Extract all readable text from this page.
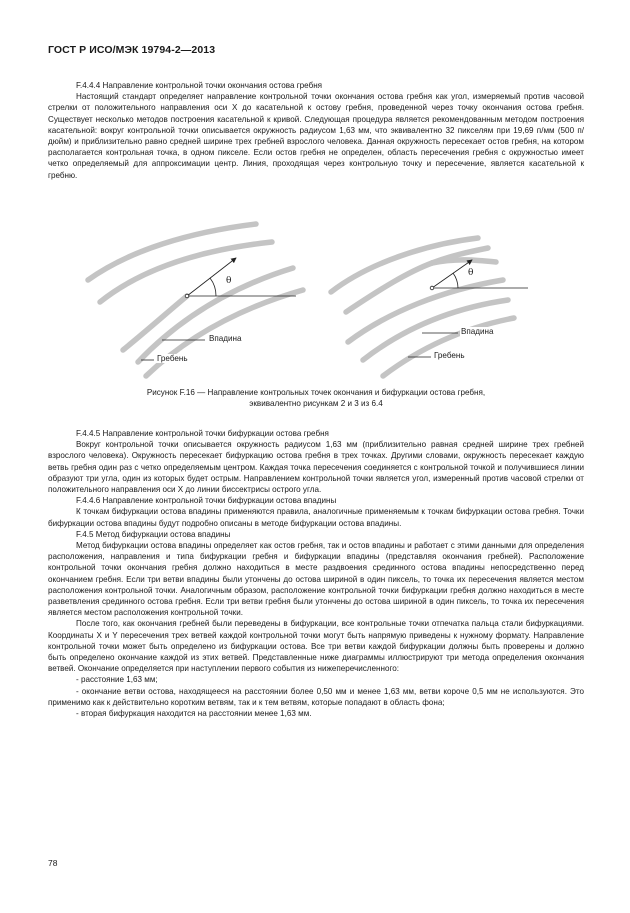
ГОСТ Р ИСО/МЭК 19794-2—2013

F.4.4.4 Направление контрольной точки окончания остова гребня

Настоящий стандарт определяет направление контрольной точки окончания остова гребня как угол, измеряемый против часовой стрелки от положительного направления оси X до касательной к остову гребня, проведенной через точку окончания остова гребня. Существует несколько методов построения касательной к кривой. Следующая процедура является рекомендованным методом построения касательной: вокруг контрольной точки описывается окружность радиусом 1,63 мм, что эквивалентно 32 пикселям при 19,69 п/мм (500 п/дюйм) и приблизительно равно средней ширине трех гребней взрослого человека. Данная окружность пересекает остов гребня, на котором располагается контрольная точка, в одном пикселе. Если остов гребня не определен, область пересечения гребня с окружностью имеет четко определяемый для аппроксимации центр. Линия, проходящая через контрольную точку и пересечение, является касательной к гребню.

θ
θ
Впадина
Гребень
Впадина
Гребень
Рисунок F.16 — Направление контрольных точек окончания и бифуркации остова гребня,
эквивалентно рисункам 2 и 3 из 6.4

F.4.4.5 Направление контрольной точки бифуркации остова гребня

Вокруг контрольной точки описывается окружность радиусом 1,63 мм (приблизительно равная средней ширине трех гребней взрослого человека). Окружность пересекает бифуркацию остова гребня в трех точках. Другими словами, окружность пересекает каждую ветвь гребня один раз с четко определяемым центром. Каждая точка пересечения соединяется с контрольной точкой и получившиеся линии образуют три угла, один из которых будет острым. Направлением контрольной точки является угол, измеренный против часовой стрелки от положительного направления оси X до линии биссектрисы острого угла.

F.4.4.6 Направление контрольной точки бифуркации остова впадины

К точкам бифуркации остова впадины применяются правила, аналогичные применяемым к точкам бифуркации остова гребня. Точки бифуркации остова впадины будут подробно описаны в методе бифуркации остова впадины.

F.4.5 Метод бифуркации остова впадины

Метод бифуркации остова впадины определяет как остов гребня, так и остов впадины и работает с этими данными для определения расположения, направления и типа бифуркации гребня и бифуркации впадины (представляя окончания гребней). Расположение контрольной точки окончания гребня должно находиться в месте раздвоения срединного остова впадины непосредственно перед окончанием гребня. Если три ветви впадины были утончены до остова шириной в один пиксель, то точка их пересечения является местом расположения контрольной точки. Аналогичным образом, расположение контрольной точки бифуркации гребня должно находиться в месте разветвления срединного остова гребня. Если три ветви гребня были утончены до остова шириной в один пиксель, то точка их пересечения является местом расположения контрольной точки.

После того, как окончания гребней были переведены в бифуркации, все контрольные точки отпечатка пальца стали бифуркациями. Координаты X и Y пересечения трех ветвей каждой контрольной точки могут быть напрямую приведены к нужному формату. Направление контрольной точки может быть определено из бифуркации остова. Все три ветви каждой бифуркации должны быть проверены и должно быть определено окончание каждой из этих ветвей. Представленные ниже диаграммы иллюстрируют три метода определения окончания ветвей. Окончание определяется при наступлении первого события из нижеперечисленного:

- расстояние 1,63 мм;

- окончание ветви остова, находящееся на расстоянии более 0,50 мм и менее 1,63 мм, ветви короче 0,5 мм не используются. Это применимо как к действительно коротким ветвям, так и к тем ветвям, которые попадают в область фона;

- вторая бифуркация находится на расстоянии менее 1,63 мм.

78
